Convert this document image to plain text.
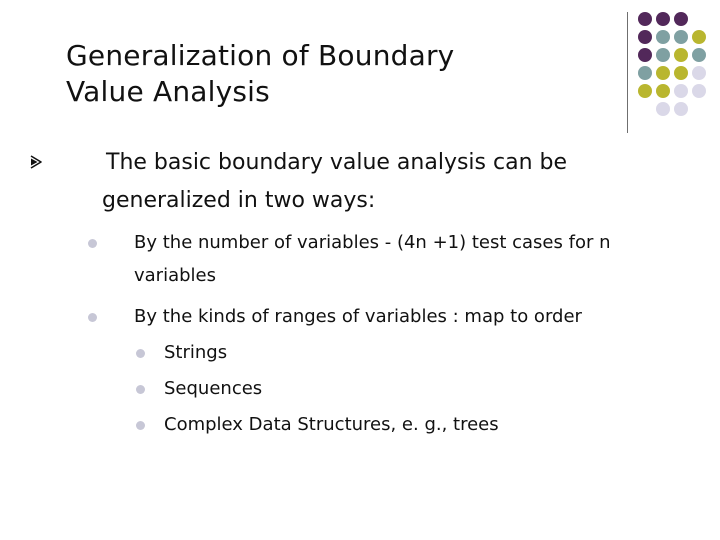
Generalization of Boundary
Value Analysis
The basic boundary value analysis can be
generalized in two ways:
By the number of variables - (4n +1) test cases for n
variables
By the kinds of ranges of variables : map to order
Strings
Sequences
Complex Data Structures, e. g., trees
